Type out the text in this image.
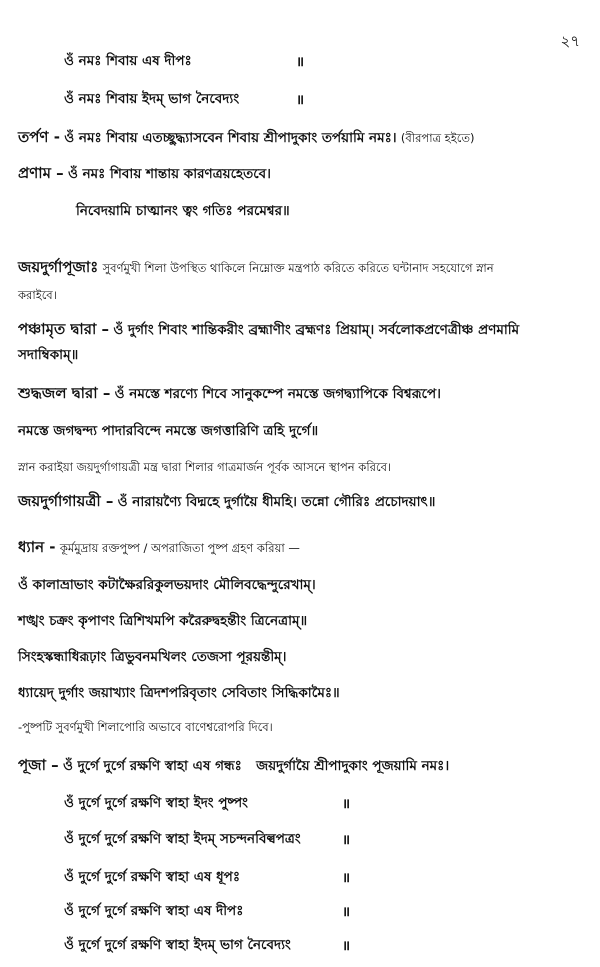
২৭
ওঁ নমঃ শিবায় এষ দীপঃ	॥
ওঁ নমঃ শিবায় ইদম্ ভাগ নৈবেদ্যং	॥
তর্পণ - ওঁ নমঃ শিবায় এতচ্ছুদ্ধ্যাসবেন শিবায় শ্রীপাদুকাং তর্পয়ামি নমঃ। (বীরপাত্র হইতে)
প্রণাম – ওঁ নমঃ শিবায় শান্তায় কারণত্রয়হেতবে।
নিবেদয়ামি চাত্মানং ত্বং গতিঃ পরমেশ্বর॥
জয়দুর্গাপূজাঃ সুবর্ণমুখী শিলা উপস্থিত থাকিলে নিম্নোক্ত মন্ত্রপাঠ করিতে করিতে ঘন্টানাদ সহযোগে স্নান
করাইবে।
পঞ্চামৃত দ্বারা – ওঁ দুর্গাং শিবাং শান্তিকরীং ব্রহ্মাণীং ব্রহ্মণঃ প্রিয়াম্। সর্বলোকপ্রণেত্রীঞ্চ প্রণমামি
সদাম্বিকাম্॥
শুদ্ধজল দ্বারা – ওঁ নমস্তে শরণ্যে শিবে সানুকম্পে নমস্তে জগদ্ব্যাপিকে বিশ্বরূপে।
নমস্তে জগদ্বন্দ্য পাদারবিন্দে নমস্তে জগত্তারিণি ত্রহি দুর্গে॥
স্নান করাইয়া জয়দুর্গাগায়ত্রী মন্ত্র দ্বারা শিলার গাত্রমার্জন পূর্বক আসনে স্থাপন করিবে।
জয়দুর্গাগায়ত্রী – ওঁ নারায়ণ্যৈ বিদ্মহে দুর্গায়ৈ ধীমহি। তন্নো গৌরিঃ প্রচোদয়াৎ॥
ধ্যান - কূর্মমুদ্রায় রক্তপুষ্প / অপরাজিতা পুষ্প গ্রহণ করিয়া —
ওঁ কালাভ্রাভাং কটাক্ষৈররিকুলভয়দাং মৌলিবদ্ধেন্দুরেখাম্।
শঙ্খং চক্রং কৃপাণং ত্রিশিখমপি করৈরুদ্বহন্তীং ত্রিনেত্রাম্॥
সিংহস্কন্ধাধিরূঢ়াং ত্রিভুবনমখিলং তেজসা পূরয়ন্তীম্।
ধ্যায়েদ্ দুর্গাং জয়াখ্যাং ত্রিদশপরিবৃতাং সেবিতাং সিদ্ধিকামৈঃ॥
-পুষ্পটি সুবর্ণমুখী শিলাপোরি অভাবে বাণেশ্বরোপরি দিবে।
পূজা – ওঁ দুর্গে দুর্গে রক্ষণি স্বাহা এষ গন্ধঃ জয়দুর্গায়ৈ শ্রীপাদুকাং পূজয়ামি নমঃ।
ওঁ দুর্গে দুর্গে রক্ষণি স্বাহা ইদং পুষ্পং	॥
ওঁ দুর্গে দুর্গে রক্ষণি স্বাহা ইদম্ সচন্দনবিল্বপত্রং	॥
ওঁ দুর্গে দুর্গে রক্ষণি স্বাহা এষ ধূপঃ	॥
ওঁ দুর্গে দুর্গে রক্ষণি স্বাহা এষ দীপঃ	॥
ওঁ দুর্গে দুর্গে রক্ষণি স্বাহা ইদম্ ভাগ নৈবেদ্যং	॥
